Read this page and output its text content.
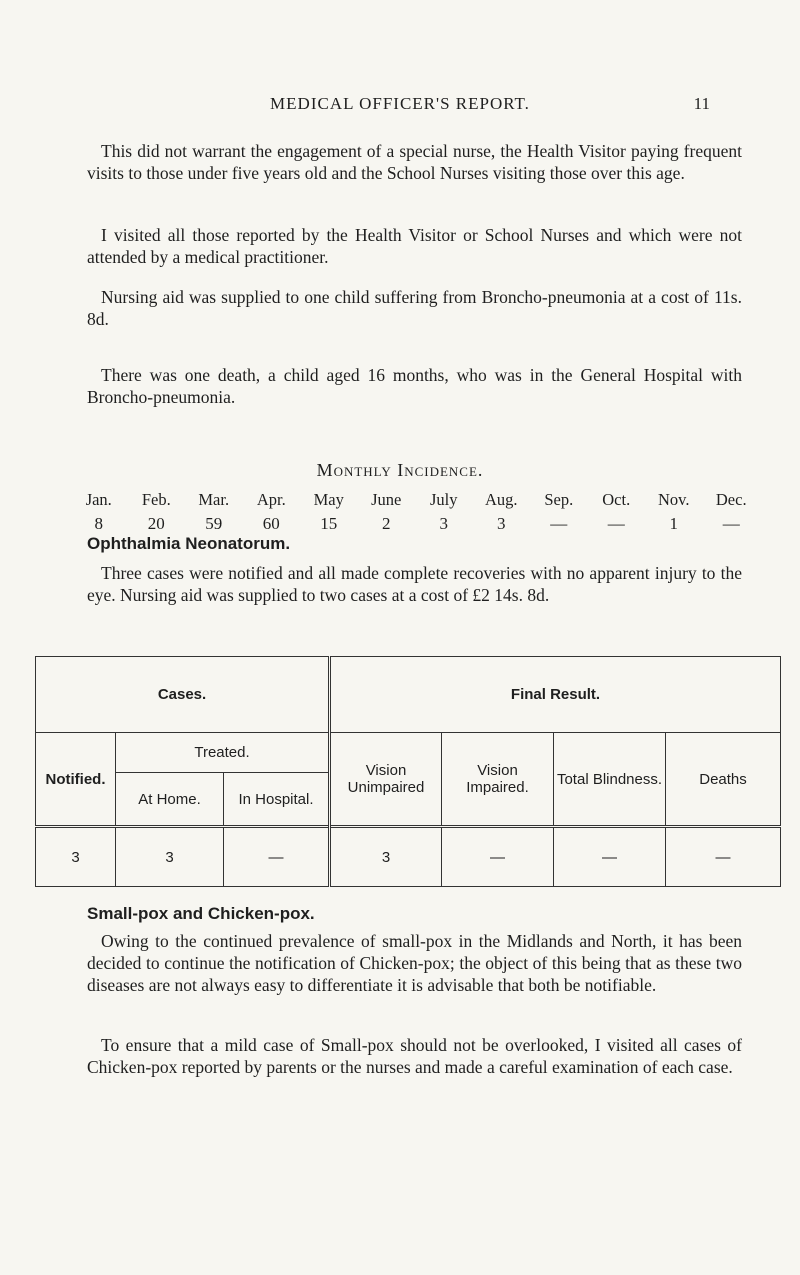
MEDICAL OFFICER'S REPORT.	11

This did not warrant the engagement of a special nurse, the Health Visitor paying frequent visits to those under five years old and the School Nurses visiting those over this age.

I visited all those reported by the Health Visitor or School Nurses and which were not attended by a medical practitioner.

Nursing aid was supplied to one child suffering from Broncho-pneumonia at a cost of 11s. 8d.

There was one death, a child aged 16 months, who was in the General Hospital with Broncho-pneumonia.

Monthly Incidence.
Jan.	Feb.	Mar.	Apr.	May	June	July	Aug.	Sep.	Oct.	Nov.	Dec.
8	20	59	60	15	2	3	3	—	—	1	—
Ophthalmia Neonatorum.

Three cases were notified and all made complete recoveries with no apparent injury to the eye. Nursing aid was supplied to two cases at a cost of £2 14s. 8d.

Cases.			Final Result.			
Notified.	Treated.		Vision Unimpaired	Vision Impaired.	Total Blindness.	Deaths
	At Home.	In Hospital.				
3	3	—	3	—	—	—
Small-pox and Chicken-pox.

Owing to the continued prevalence of small-pox in the Midlands and North, it has been decided to continue the notification of Chicken-pox; the object of this being that as these two diseases are not always easy to differentiate it is advisable that both be notifiable.

To ensure that a mild case of Small-pox should not be overlooked, I visited all cases of Chicken-pox reported by parents or the nurses and made a careful examination of each case.
